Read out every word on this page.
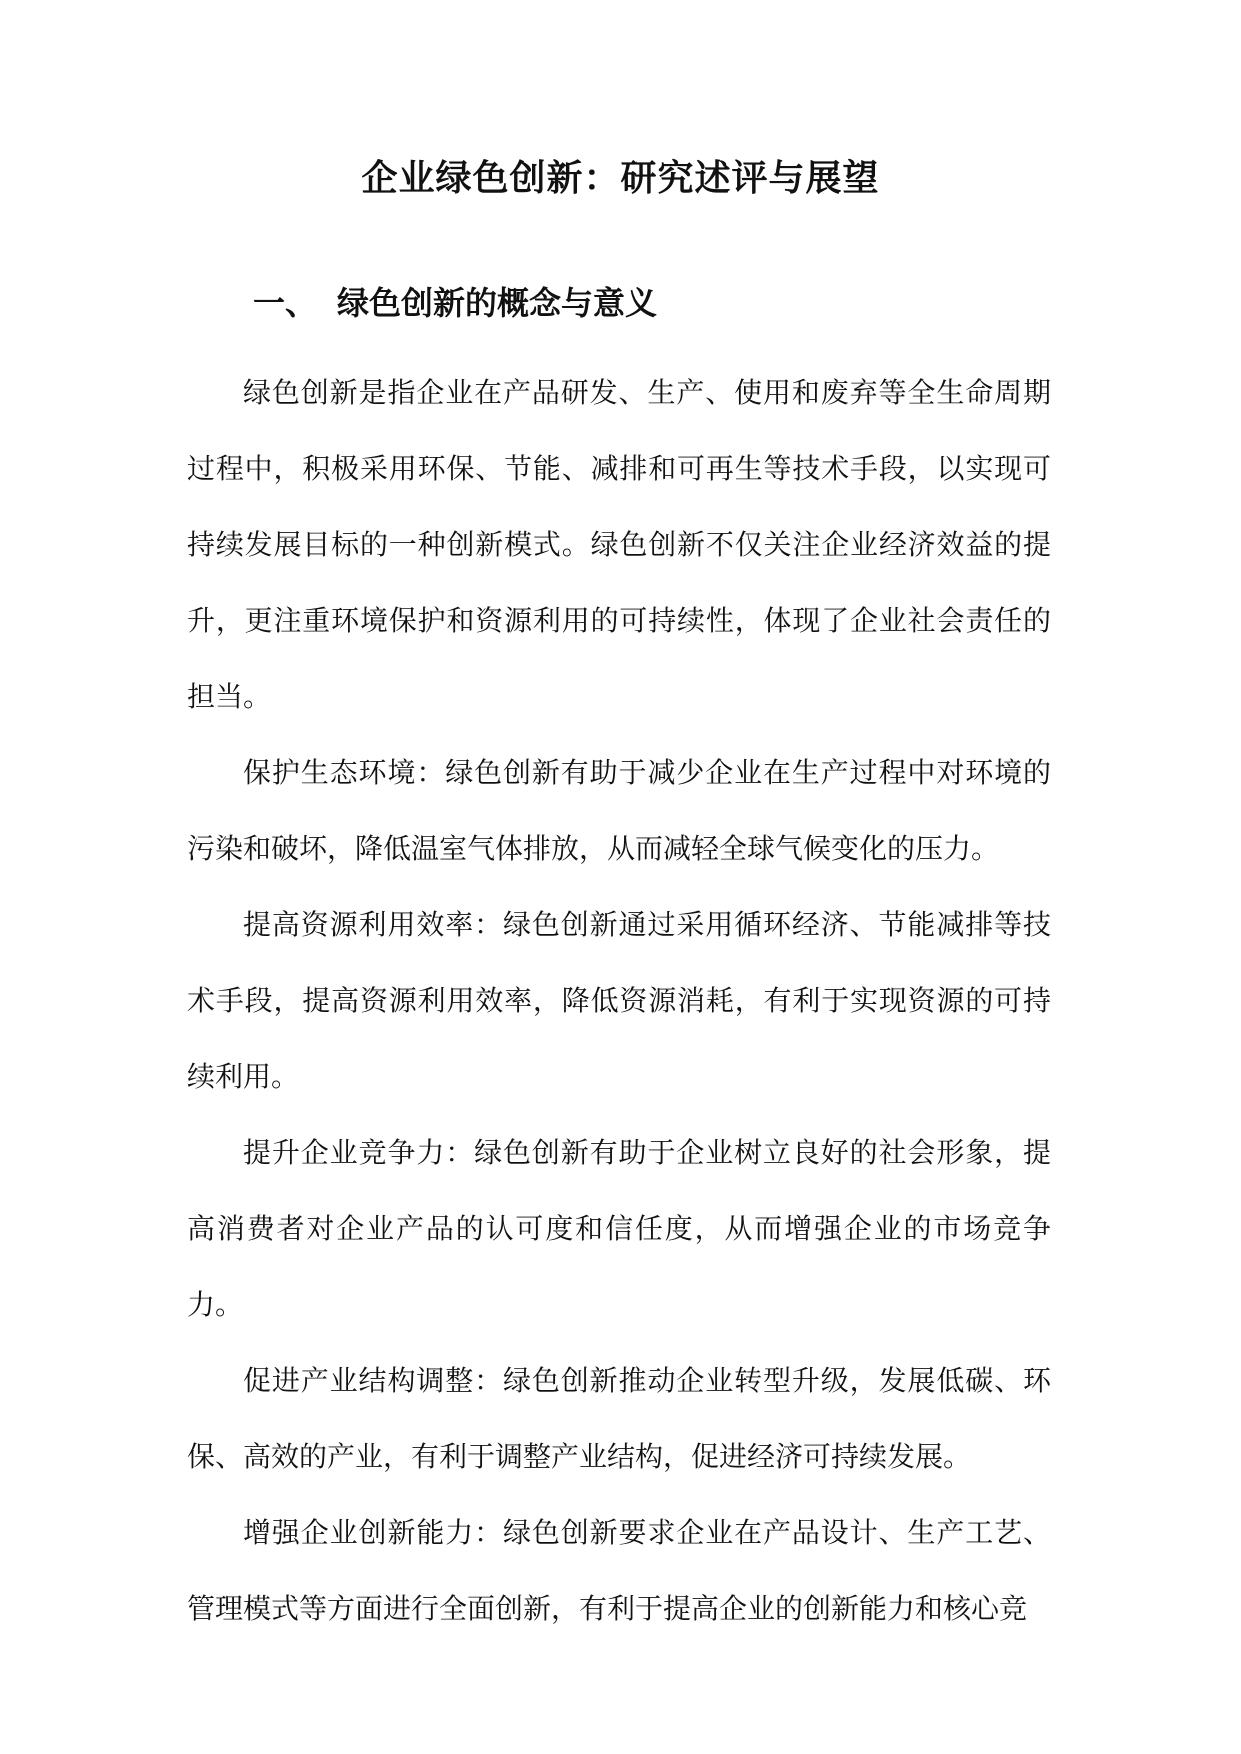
企业绿色创新：研究述评与展望
一、 绿色创新的概念与意义

绿色创新是指企业在产品研发、生产、使用和废弃等全生命周期过程中，积极采用环保、节能、减排和可再生等技术手段，以实现可持续发展目标的一种创新模式。绿色创新不仅关注企业经济效益的提升，更注重环境保护和资源利用的可持续性，体现了企业社会责任的担当。

保护生态环境：绿色创新有助于减少企业在生产过程中对环境的污染和破坏，降低温室气体排放，从而减轻全球气候变化的压力。

提高资源利用效率：绿色创新通过采用循环经济、节能减排等技术手段，提高资源利用效率，降低资源消耗，有利于实现资源的可持续利用。

提升企业竞争力：绿色创新有助于企业树立良好的社会形象，提高消费者对企业产品的认可度和信任度，从而增强企业的市场竞争力。

促进产业结构调整：绿色创新推动企业转型升级，发展低碳、环保、高效的产业，有利于调整产业结构，促进经济可持续发展。

增强企业创新能力：绿色创新要求企业在产品设计、生产工艺、管理模式等方面进行全面创新，有利于提高企业的创新能力和核心竞
